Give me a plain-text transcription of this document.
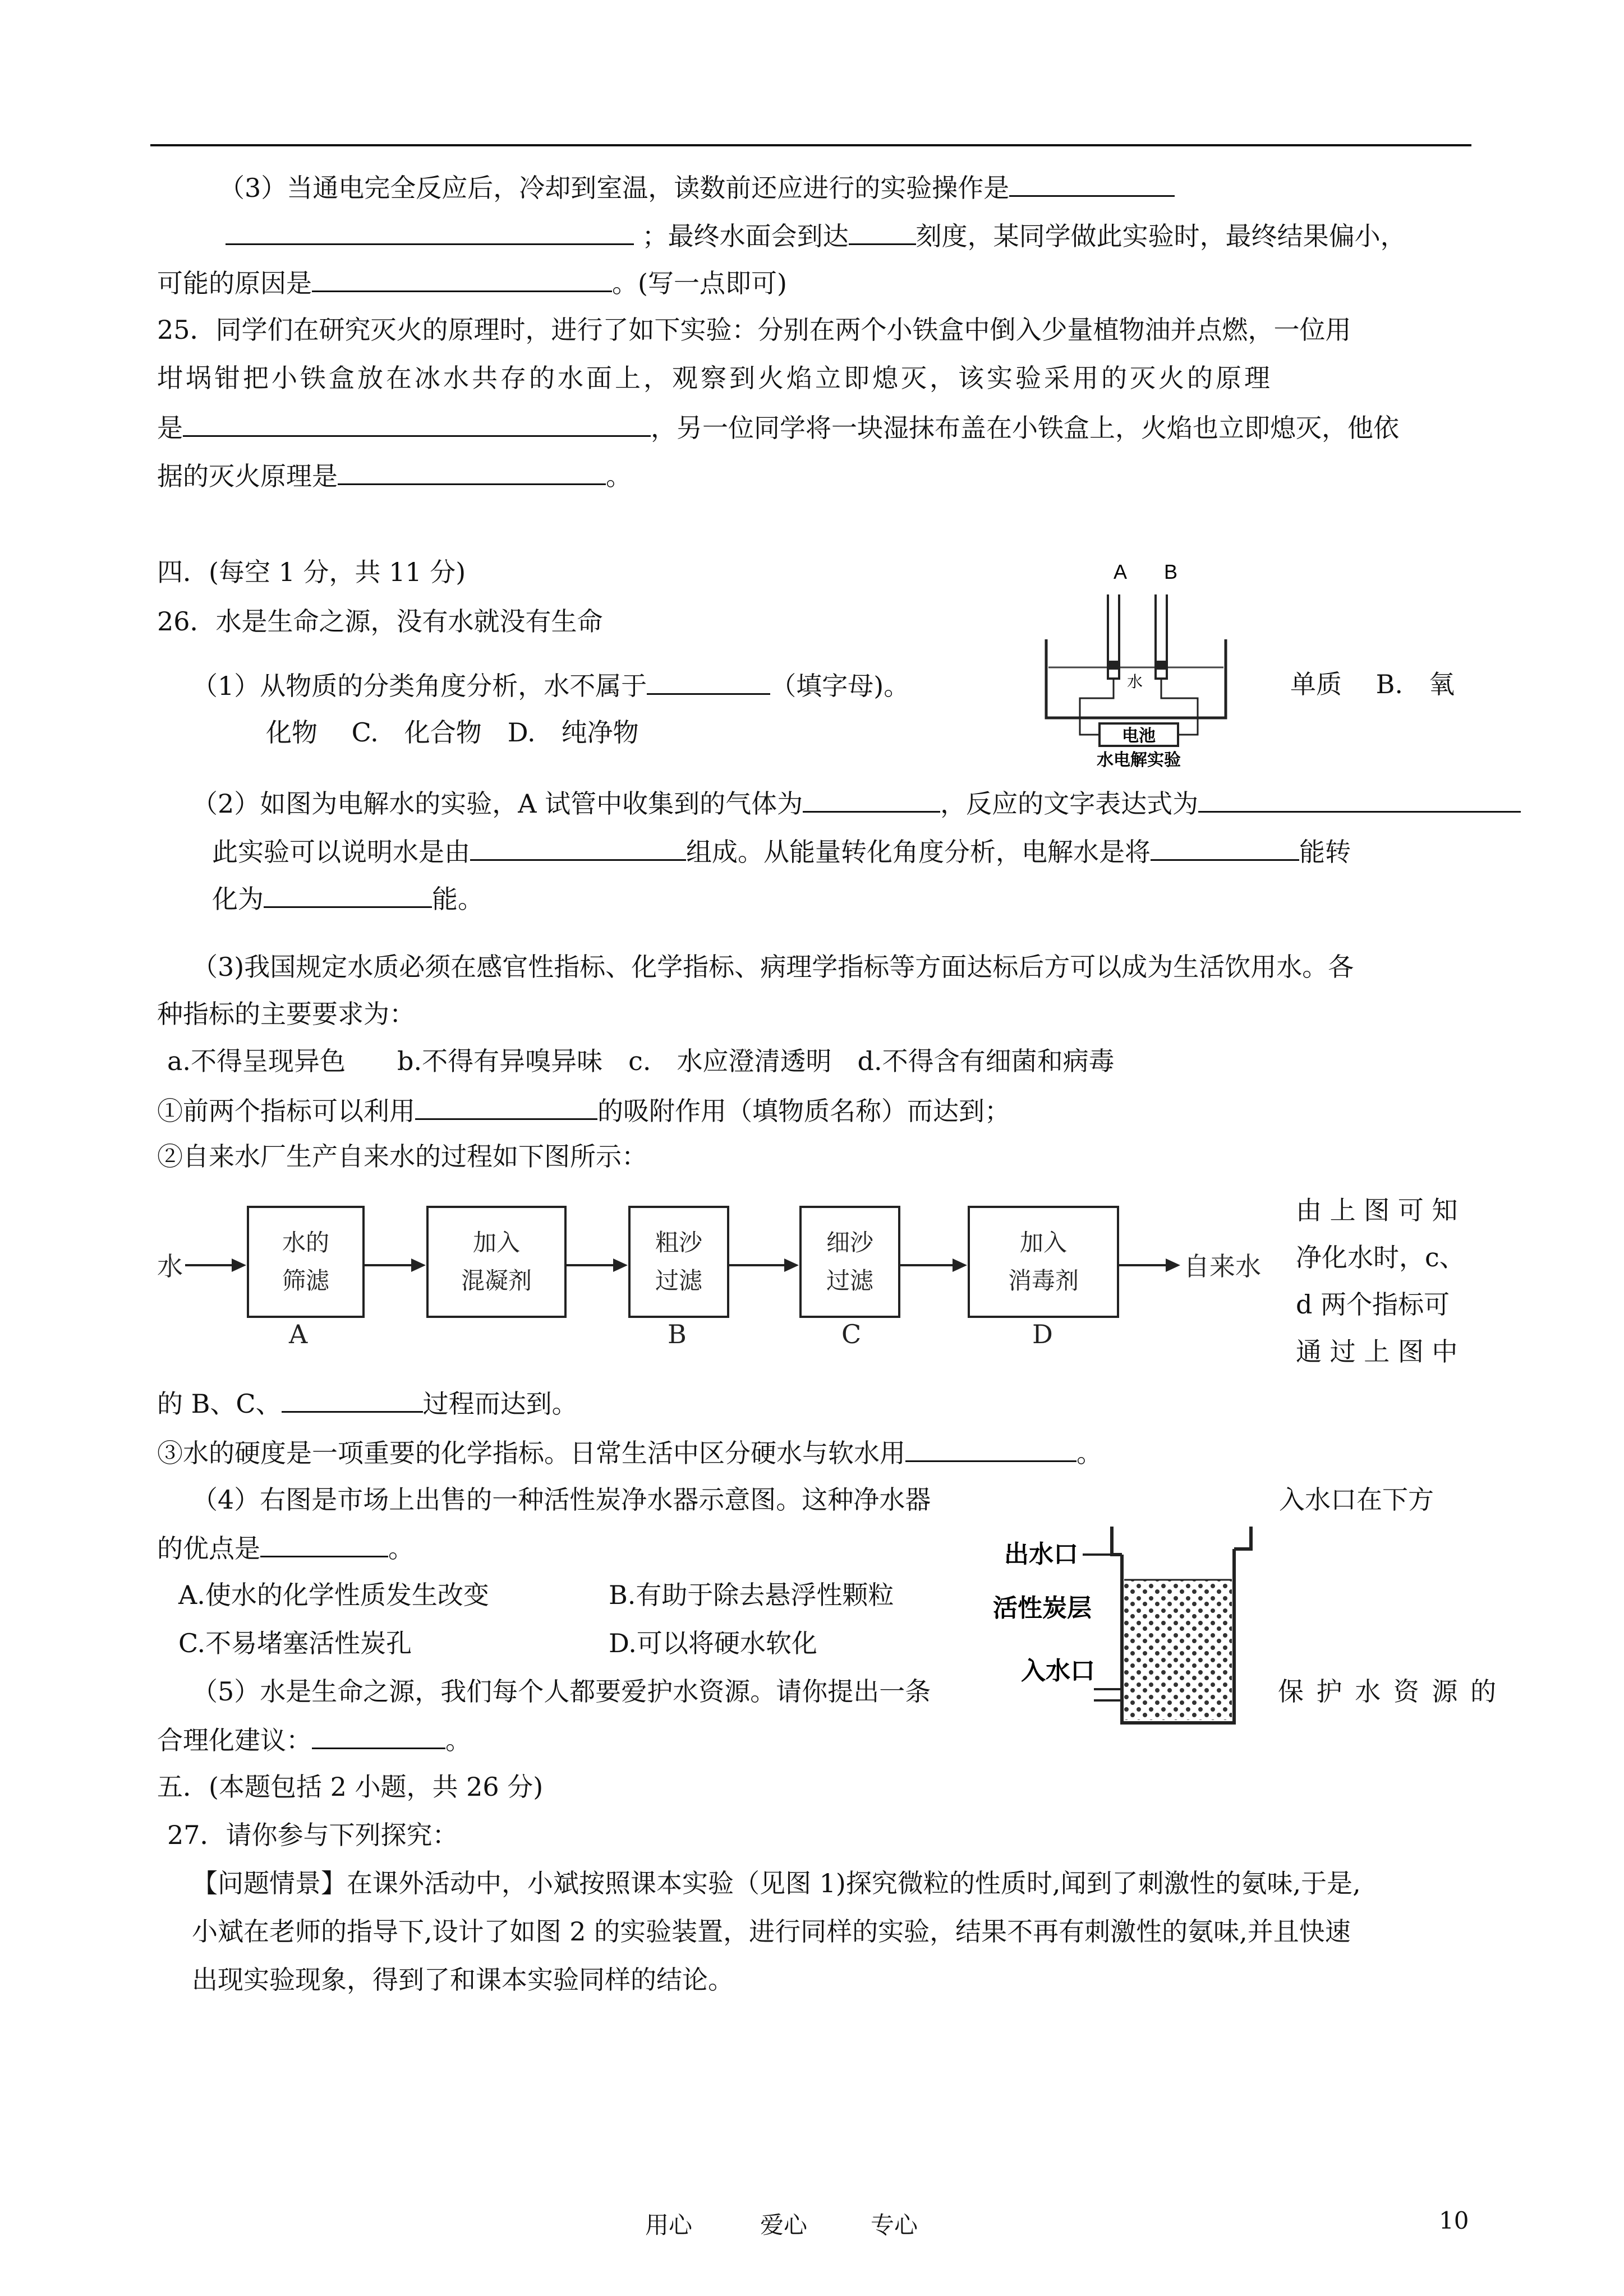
（3）当通电完全反应后，冷却到室温，读数前还应进行的实验操作是
；最终水面会到达	刻度，某同学做此实验时，最终结果偏小，
可能的原因是	。(写一点即可)
25．同学们在研究灭火的原理时，进行了如下实验：分别在两个小铁盒中倒入少量植物油并点燃，一位用
坩埚钳把小铁盒放在冰水共存的水面上，观察到火焰立即熄灭，该实验采用的灭火的原理
是	，另一位同学将一块湿抹布盖在小铁盒上，火焰也立即熄灭，他依
据的灭火原理是	。
四．(每空 1 分，共 11 分)
26．水是生命之源，没有水就没有生命
A B
水
电池
水电解实验
（1）从物质的分类角度分析，水不属于	（填字母)。	单质　 B.　氧
化物　 C.　化合物　D.　纯净物
（2）如图为电解水的实验，A 试管中收集到的气体为	，反应的文字表达式为
此实验可以说明水是由	组成。从能量转化角度分析，电解水是将	能转
化为	能。
（3)我国规定水质必须在感官性指标、化学指标、病理学指标等方面达标后方可以成为生活饮用水。各
种指标的主要要求为：
a.不得呈现异色　　b.不得有异嗅异味　c.　水应澄清透明　d.不得含有细菌和病毒
①前两个指标可以利用	的吸附作用（填物质名称）而达到；
②自来水厂生产自来水的过程如下图所示：
水
水的
筛滤
A
加入
混凝剂
粗沙
过滤
B
细沙
过滤
C
加入
消毒剂
D
自来水
由 上 图 可 知
净化水时，c、
d 两个指标可
通 过 上 图 中
的 B、C、	过程而达到。
③水的硬度是一项重要的化学指标。日常生活中区分硬水与软水用	。
（4）右图是市场上出售的一种活性炭净水器示意图。这种净水器	入水口在下方
的优点是	。
A.使水的化学性质发生改变	B.有助于除去悬浮性颗粒
C.不易堵塞活性炭孔	D.可以将硬水软化
出水口
活性炭层
入水口
（5）水是生命之源，我们每个人都要爱护水资源。请你提出一条	保 护 水 资 源 的
合理化建议：	。
五．(本题包括 2 小题，共 26 分)
27．请你参与下列探究：
【问题情景】在课外活动中，小斌按照课本实验（见图 1)探究微粒的性质时,闻到了刺激性的氨味,于是,
小斌在老师的指导下,设计了如图 2 的实验装置，进行同样的实验，结果不再有刺激性的氨味,并且快速
出现实验现象，得到了和课本实验同样的结论。
用心	爱心	专心	10
